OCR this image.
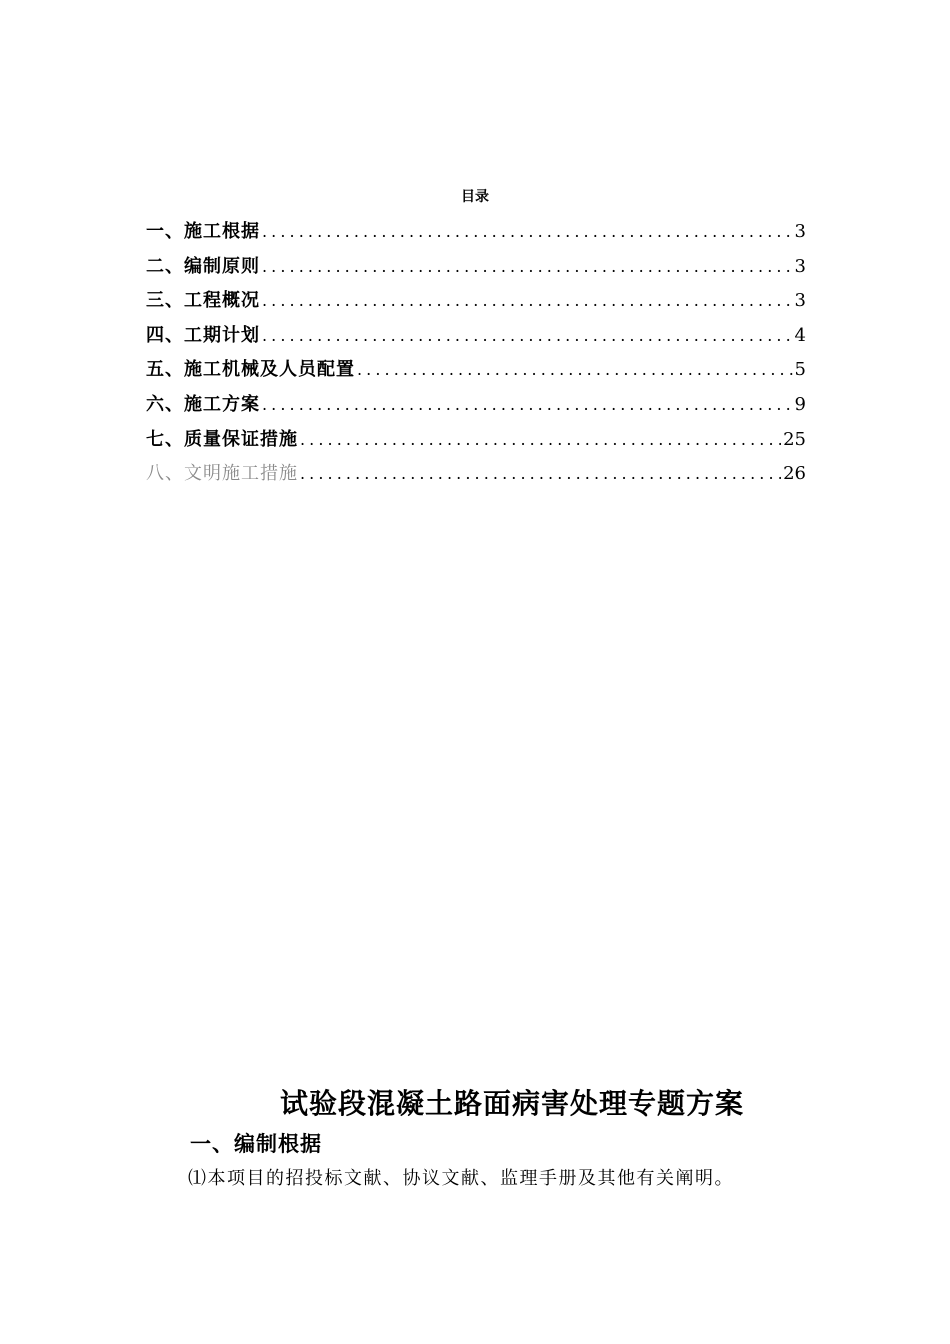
目录
一、施工根据 .....	3
二、编制原则 .....	3
三、工程概况 .....	3
四、工期计划 .....	4
五、施工机械及人员配置 .....	5
六、施工方案 .....	9
七、质量保证措施 .....	25
八、文明施工措施 .....	26
试验段混凝土路面病害处理专题方案
一、编制根据
⑴本项目的招投标文献、协议文献、监理手册及其他有关阐明。
